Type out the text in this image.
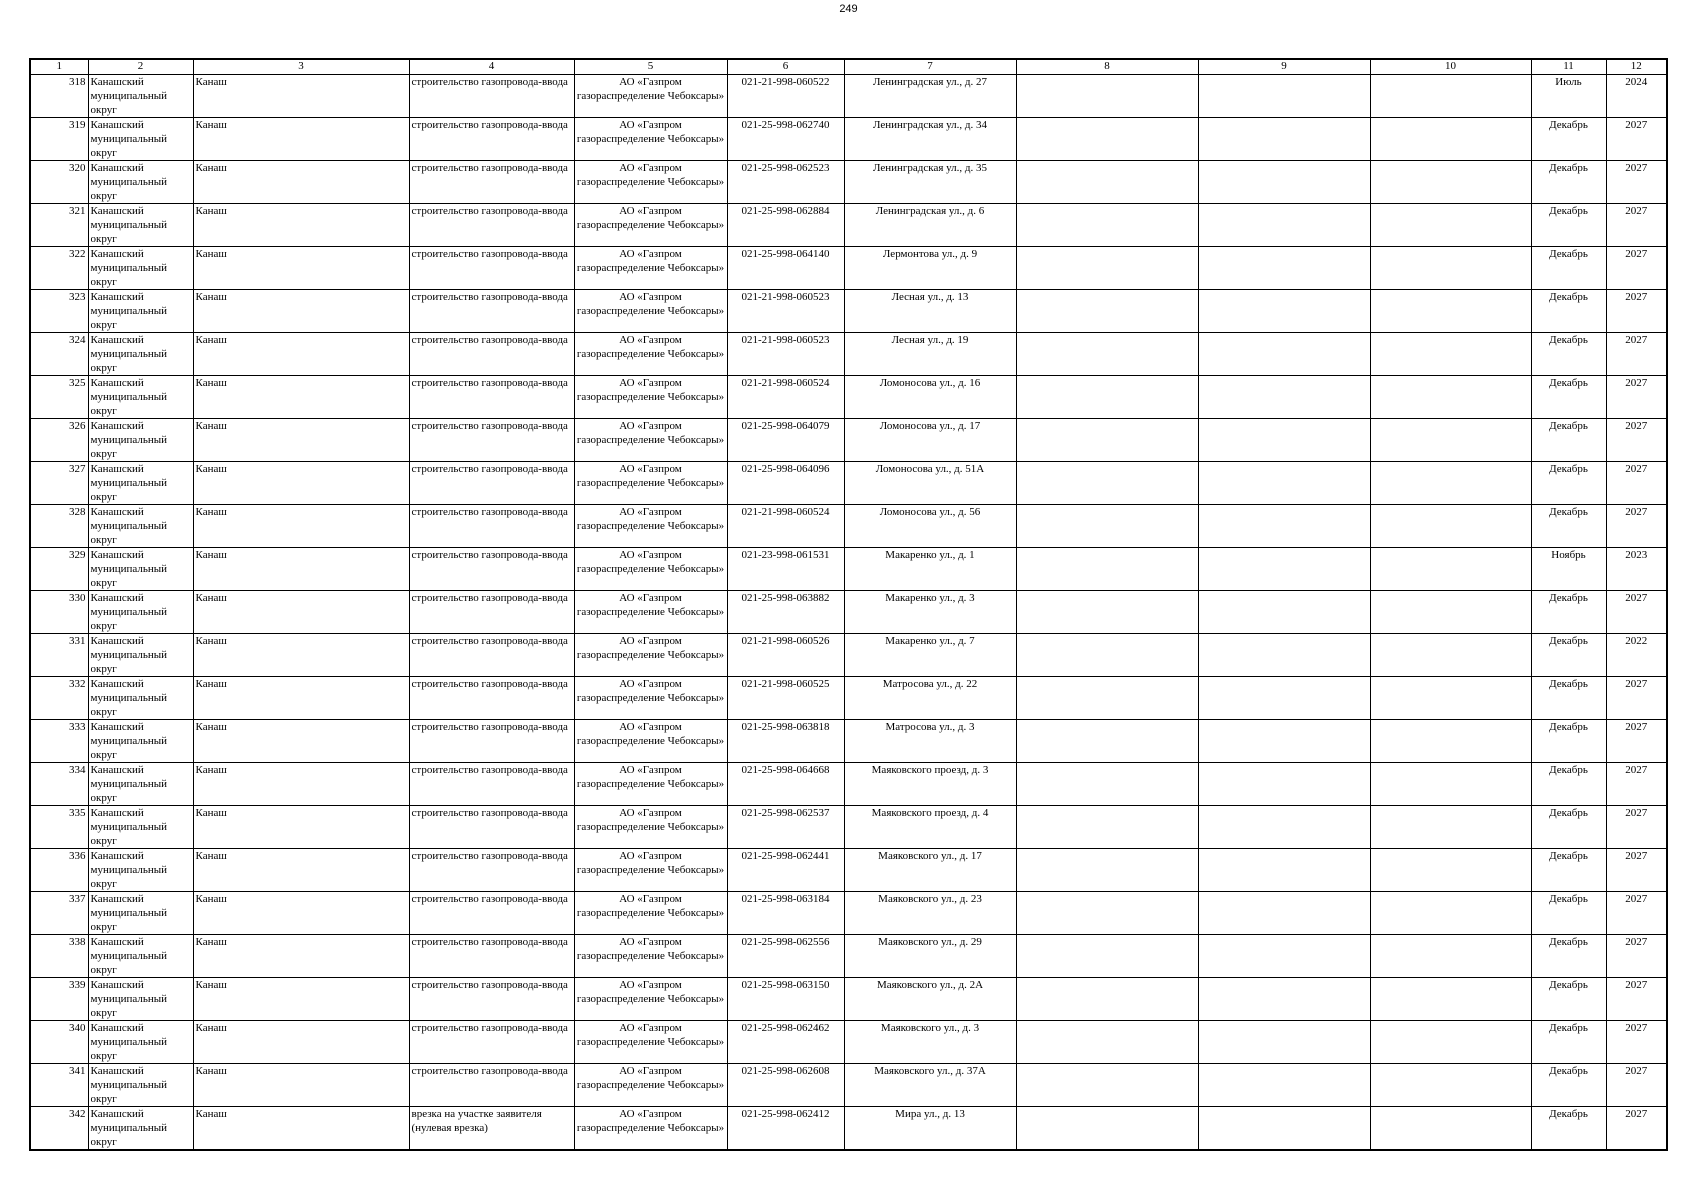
249
1	2	3	4	5	6	7	8	9	10	11	12
318	Канашский муниципальный округ	Канаш	строительство газопровода-ввода	АО «Газпром газораспределение Чебоксары»	021-21-998-060522	Ленинградская ул., д. 27				Июль	2024
319	Канашский муниципальный округ	Канаш	строительство газопровода-ввода	АО «Газпром газораспределение Чебоксары»	021-25-998-062740	Ленинградская ул., д. 34				Декабрь	2027
320	Канашский муниципальный округ	Канаш	строительство газопровода-ввода	АО «Газпром газораспределение Чебоксары»	021-25-998-062523	Ленинградская ул., д. 35				Декабрь	2027
321	Канашский муниципальный округ	Канаш	строительство газопровода-ввода	АО «Газпром газораспределение Чебоксары»	021-25-998-062884	Ленинградская ул., д. 6				Декабрь	2027
322	Канашский муниципальный округ	Канаш	строительство газопровода-ввода	АО «Газпром газораспределение Чебоксары»	021-25-998-064140	Лермонтова ул., д. 9				Декабрь	2027
323	Канашский муниципальный округ	Канаш	строительство газопровода-ввода	АО «Газпром газораспределение Чебоксары»	021-21-998-060523	Лесная ул., д. 13				Декабрь	2027
324	Канашский муниципальный округ	Канаш	строительство газопровода-ввода	АО «Газпром газораспределение Чебоксары»	021-21-998-060523	Лесная ул., д. 19				Декабрь	2027
325	Канашский муниципальный округ	Канаш	строительство газопровода-ввода	АО «Газпром газораспределение Чебоксары»	021-21-998-060524	Ломоносова ул., д. 16				Декабрь	2027
326	Канашский муниципальный округ	Канаш	строительство газопровода-ввода	АО «Газпром газораспределение Чебоксары»	021-25-998-064079	Ломоносова ул., д. 17				Декабрь	2027
327	Канашский муниципальный округ	Канаш	строительство газопровода-ввода	АО «Газпром газораспределение Чебоксары»	021-25-998-064096	Ломоносова ул., д. 51А				Декабрь	2027
328	Канашский муниципальный округ	Канаш	строительство газопровода-ввода	АО «Газпром газораспределение Чебоксары»	021-21-998-060524	Ломоносова ул., д. 56				Декабрь	2027
329	Канашский муниципальный округ	Канаш	строительство газопровода-ввода	АО «Газпром газораспределение Чебоксары»	021-23-998-061531	Макаренко ул., д. 1				Ноябрь	2023
330	Канашский муниципальный округ	Канаш	строительство газопровода-ввода	АО «Газпром газораспределение Чебоксары»	021-25-998-063882	Макаренко ул., д. 3				Декабрь	2027
331	Канашский муниципальный округ	Канаш	строительство газопровода-ввода	АО «Газпром газораспределение Чебоксары»	021-21-998-060526	Макаренко ул., д. 7				Декабрь	2022
332	Канашский муниципальный округ	Канаш	строительство газопровода-ввода	АО «Газпром газораспределение Чебоксары»	021-21-998-060525	Матросова ул., д. 22				Декабрь	2027
333	Канашский муниципальный округ	Канаш	строительство газопровода-ввода	АО «Газпром газораспределение Чебоксары»	021-25-998-063818	Матросова ул., д. 3				Декабрь	2027
334	Канашский муниципальный округ	Канаш	строительство газопровода-ввода	АО «Газпром газораспределение Чебоксары»	021-25-998-064668	Маяковского проезд, д. 3				Декабрь	2027
335	Канашский муниципальный округ	Канаш	строительство газопровода-ввода	АО «Газпром газораспределение Чебоксары»	021-25-998-062537	Маяковского проезд, д. 4				Декабрь	2027
336	Канашский муниципальный округ	Канаш	строительство газопровода-ввода	АО «Газпром газораспределение Чебоксары»	021-25-998-062441	Маяковского ул., д. 17				Декабрь	2027
337	Канашский муниципальный округ	Канаш	строительство газопровода-ввода	АО «Газпром газораспределение Чебоксары»	021-25-998-063184	Маяковского ул., д. 23				Декабрь	2027
338	Канашский муниципальный округ	Канаш	строительство газопровода-ввода	АО «Газпром газораспределение Чебоксары»	021-25-998-062556	Маяковского ул., д. 29				Декабрь	2027
339	Канашский муниципальный округ	Канаш	строительство газопровода-ввода	АО «Газпром газораспределение Чебоксары»	021-25-998-063150	Маяковского ул., д. 2А				Декабрь	2027
340	Канашский муниципальный округ	Канаш	строительство газопровода-ввода	АО «Газпром газораспределение Чебоксары»	021-25-998-062462	Маяковского ул., д. 3				Декабрь	2027
341	Канашский муниципальный округ	Канаш	строительство газопровода-ввода	АО «Газпром газораспределение Чебоксары»	021-25-998-062608	Маяковского ул., д. 37А				Декабрь	2027
342	Канашский муниципальный округ	Канаш	врезка на участке заявителя (нулевая врезка)	АО «Газпром газораспределение Чебоксары»	021-25-998-062412	Мира ул., д. 13				Декабрь	2027
